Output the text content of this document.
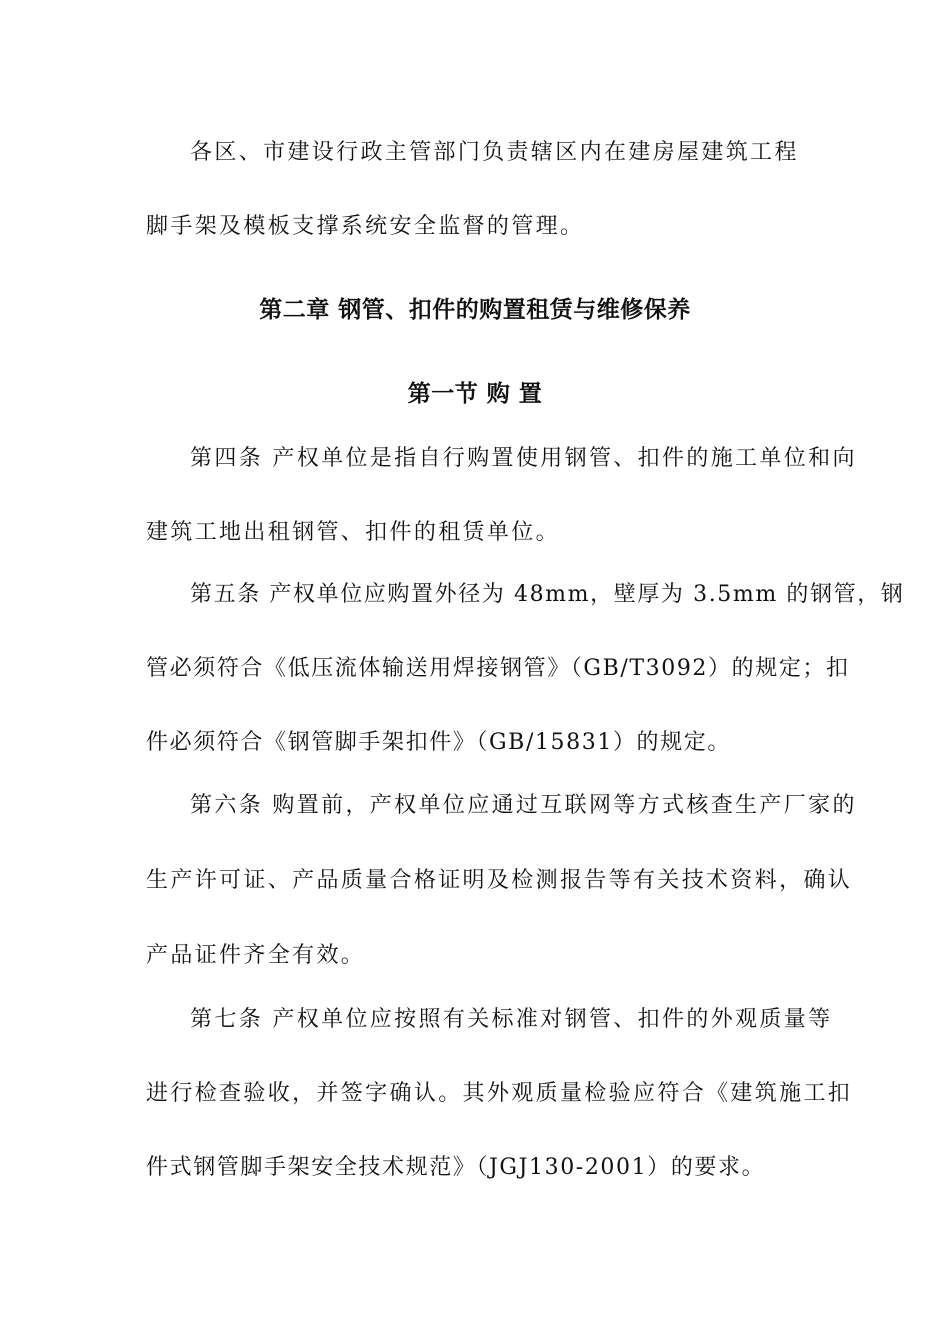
各区、市建设行政主管部门负责辖区内在建房屋建筑工程
脚手架及模板支撑系统安全监督的管理。
第二章 钢管、扣件的购置租赁与维修保养
第一节 购 置
第四条 产权单位是指自行购置使用钢管、扣件的施工单位和向
建筑工地出租钢管、扣件的租赁单位。
第五条 产权单位应购置外径为 48mm，壁厚为 3.5mm 的钢管，钢
管必须符合《低压流体输送用焊接钢管》（GB/T3092）的规定；扣
件必须符合《钢管脚手架扣件》（GB/15831）的规定。
第六条 购置前，产权单位应通过互联网等方式核查生产厂家的
生产许可证、产品质量合格证明及检测报告等有关技术资料，确认
产品证件齐全有效。
第七条 产权单位应按照有关标准对钢管、扣件的外观质量等
进行检查验收，并签字确认。其外观质量检验应符合《建筑施工扣
件式钢管脚手架安全技术规范》（JGJ130-2001）的要求。
